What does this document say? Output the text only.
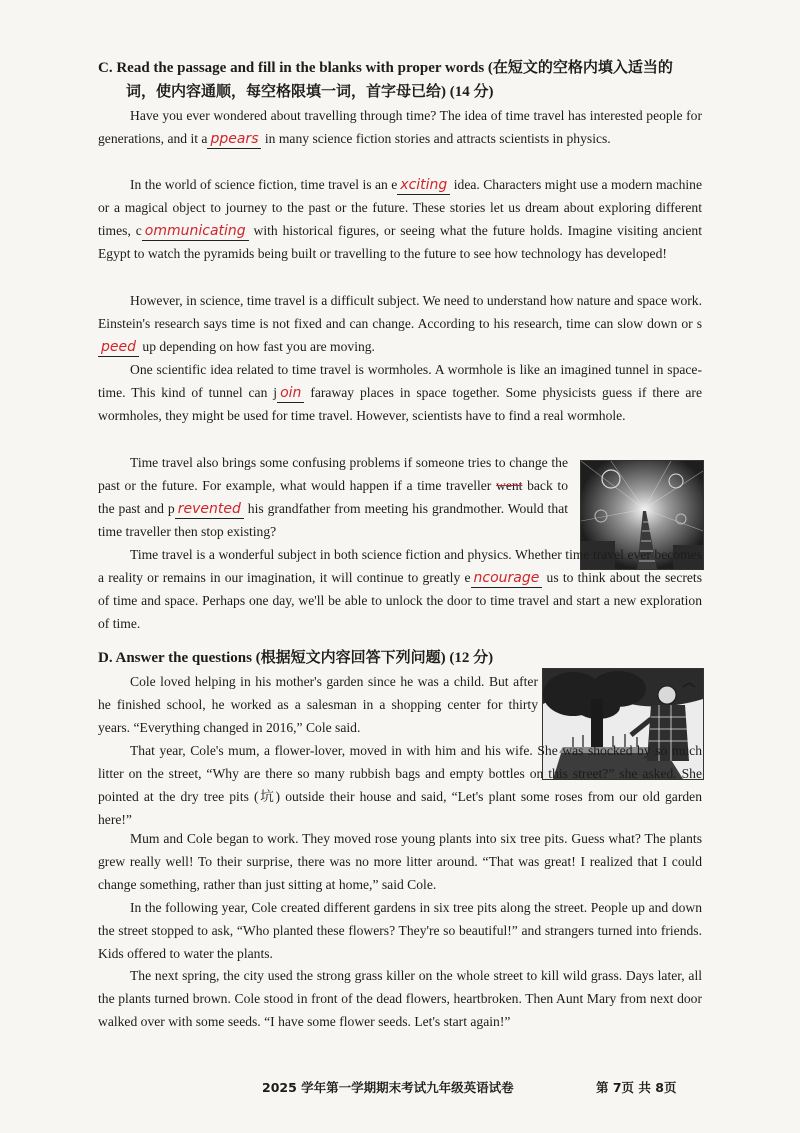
C. Read the passage and fill in the blanks with proper words (在短文的空格内填入适当的
词，使内容通顺，每空格限填一词，首字母已给) (14 分)

Have you ever wondered about travelling through time? The idea of time travel has interested people for generations, and it a ppears in many science fiction stories and attracts scientists in physics.

In the world of science fiction, time travel is an e xciting idea. Characters might use a modern machine or a magical object to journey to the past or the future. These stories let us dream about exploring different times, c ommunicating with historical figures, or seeing what the future holds. Imagine visiting ancient Egypt to watch the pyramids being built or travelling to the future to see how technology has developed!

However, in science, time travel is a difficult subject. We need to understand how nature and space work. Einstein's research says time is not fixed and can change. According to his research, time can slow down or speed up depending on how fast you are moving.

One scientific idea related to time travel is wormholes. A wormhole is like an imagined tunnel in space-time. This kind of tunnel can j oin faraway places in space together. Some physicists guess if there are wormholes, they might be used for time travel. However, scientists have to find a real wormhole.

Time travel also brings some confusing problems if someone tries to change the past or the future. For example, what would happen if a time traveller went back to the past and p revented his grandfather from meeting his grandmother. Would that time traveller then stop existing?

Time travel is a wonderful subject in both science fiction and physics. Whether time travel ever becomes a reality or remains in our imagination, it will continue to greatly e ncourage us to think about the secrets of time and space. Perhaps one day, we'll be able to unlock the door to time travel and start a new exploration of time.

D. Answer the questions (根据短文内容回答下列问题) (12 分)

Cole loved helping in his mother's garden since he was a child. But after he finished school, he worked as a salesman in a shopping center for thirty years. “Everything changed in 2016,” Cole said.

That year, Cole's mum, a flower-lover, moved in with him and his wife. She was shocked by so much litter on the street, “Why are there so many rubbish bags and empty bottles on this street?” she asked. She pointed at the dry tree pits (坑) outside their house and said, “Let's plant some roses from our old garden here!”

Mum and Cole began to work. They moved rose young plants into six tree pits. Guess what? The plants grew really well! To their surprise, there was no more litter around. “That was great! I realized that I could change something, rather than just sitting at home,” said Cole.

In the following year, Cole created different gardens in six tree pits along the street. People up and down the street stopped to ask, “Who planted these flowers? They're so beautiful!” and strangers turned into friends. Kids offered to water the plants.

The next spring, the city used the strong grass killer on the whole street to kill wild grass. Days later, all the plants turned brown. Cole stood in front of the dead flowers, heartbroken. Then Aunt Mary from next door walked over with some seeds. “I have some flower seeds. Let's start again!”

2025 学年第一学期期末考试九年级英语试卷	第 7页 共 8页
